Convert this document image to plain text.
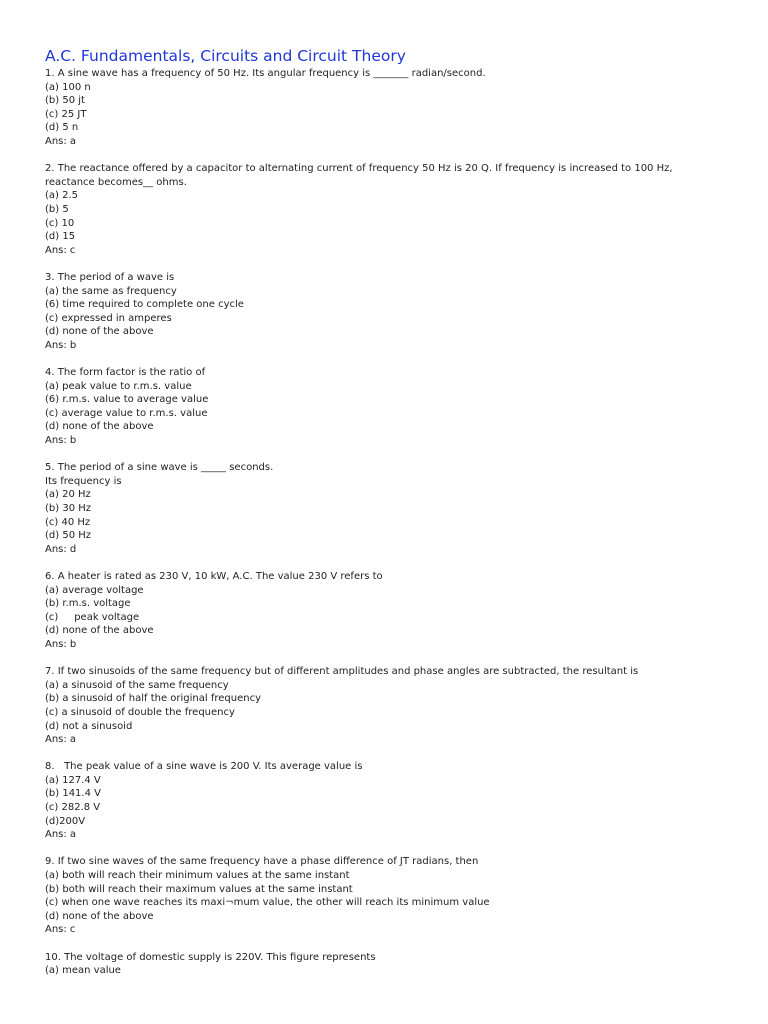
A.C. Fundamentals, Circuits and Circuit Theory
1. A sine wave has a frequency of 50 Hz. Its angular frequency is _______ radian/second.
(a) 100 n
(b) 50 jt
(c) 25 JT
(d) 5 n
Ans: a
2. The reactance offered by a capacitor to alternating current of frequency 50 Hz is 20 Q. If frequency is increased to 100 Hz,
reactance becomes__ ohms.
(a) 2.5
(b) 5
(c) 10
(d) 15
Ans: c
3. The period of a wave is
(a) the same as frequency
(6) time required to complete one cycle
(c) expressed in amperes
(d) none of the above
Ans: b
4. The form factor is the ratio of
(a) peak value to r.m.s. value
(6) r.m.s. value to average value
(c) average value to r.m.s. value
(d) none of the above
Ans: b
5. The period of a sine wave is _____ seconds.
Its frequency is
(a) 20 Hz
(b) 30 Hz
(c) 40 Hz
(d) 50 Hz
Ans: d
6. A heater is rated as 230 V, 10 kW, A.C. The value 230 V refers to
(a) average voltage
(b) r.m.s. voltage
(c)     peak voltage
(d) none of the above
Ans: b
7. If two sinusoids of the same frequency but of different amplitudes and phase angles are subtracted, the resultant is
(a) a sinusoid of the same frequency
(b) a sinusoid of half the original frequency
(c) a sinusoid of double the frequency
(d) not a sinusoid
Ans: a
8.   The peak value of a sine wave is 200 V. Its average value is
(a) 127.4 V
(b) 141.4 V
(c) 282.8 V
(d)200V
Ans: a
9. If two sine waves of the same frequency have a phase difference of JT radians, then
(a) both will reach their minimum values at the same instant
(b) both will reach their maximum values at the same instant
(c) when one wave reaches its maxi¬mum value, the other will reach its minimum value
(d) none of the above
Ans: c
10. The voltage of domestic supply is 220V. This figure represents
(a) mean value
